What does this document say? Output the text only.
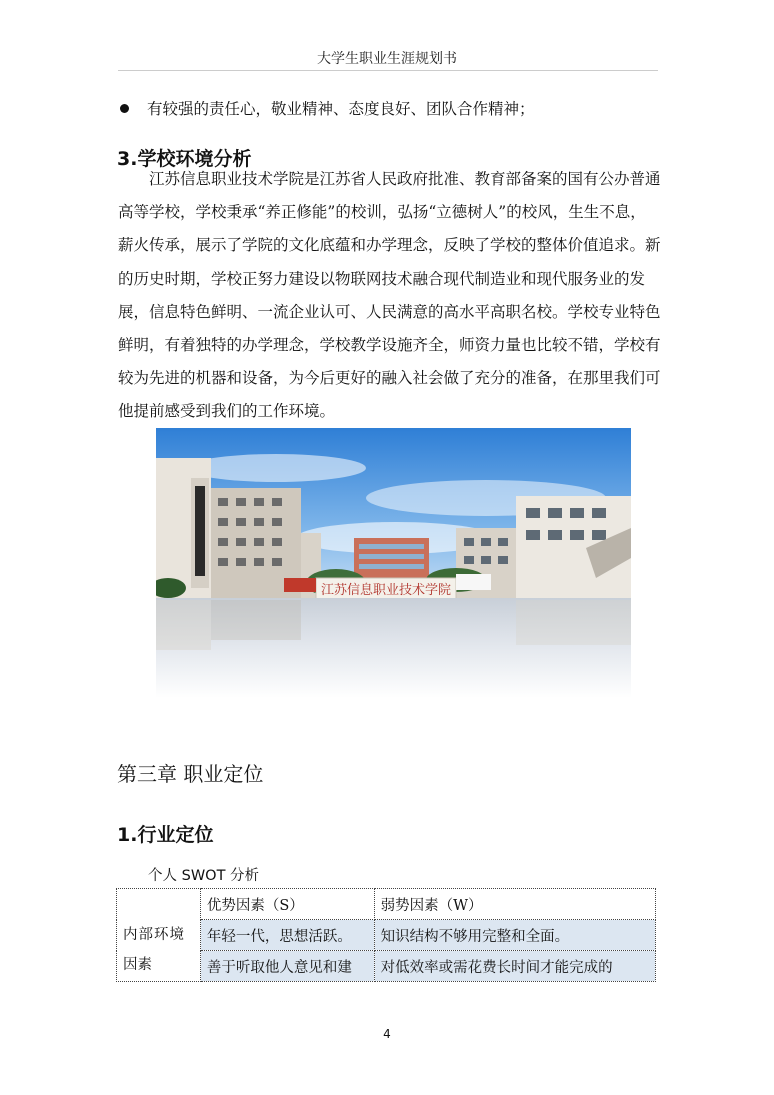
大学生职业生涯规划书
有较强的责任心，敬业精神、态度良好、团队合作精神；
3.学校环境分析
　　江苏信息职业技术学院是江苏省人民政府批准、教育部备案的国有公办普通
高等学校，学校秉承“养正修能”的校训，弘扬“立德树人”的校风，生生不息，
薪火传承，展示了学院的文化底蕴和办学理念，反映了学校的整体价值追求。新
的历史时期，学校正努力建设以物联网技术融合现代制造业和现代服务业的发
展，信息特色鲜明、一流企业认可、人民满意的高水平高职名校。学校专业特色
鲜明，有着独特的办学理念，学校教学设施齐全，师资力量也比较不错，学校有
较为先进的机器和设备，为今后更好的融入社会做了充分的准备，在那里我们可
他提前感受到我们的工作环境。
江苏信息职业技术学院
第三章 职业定位
1.行业定位
个人 SWOT 分析
内部环境
因素	优势因素（S）	弱势因素（W）
	年轻一代，思想活跃。	知识结构不够用完整和全面。
	善于听取他人意见和建	对低效率或需花费长时间才能完成的
4
